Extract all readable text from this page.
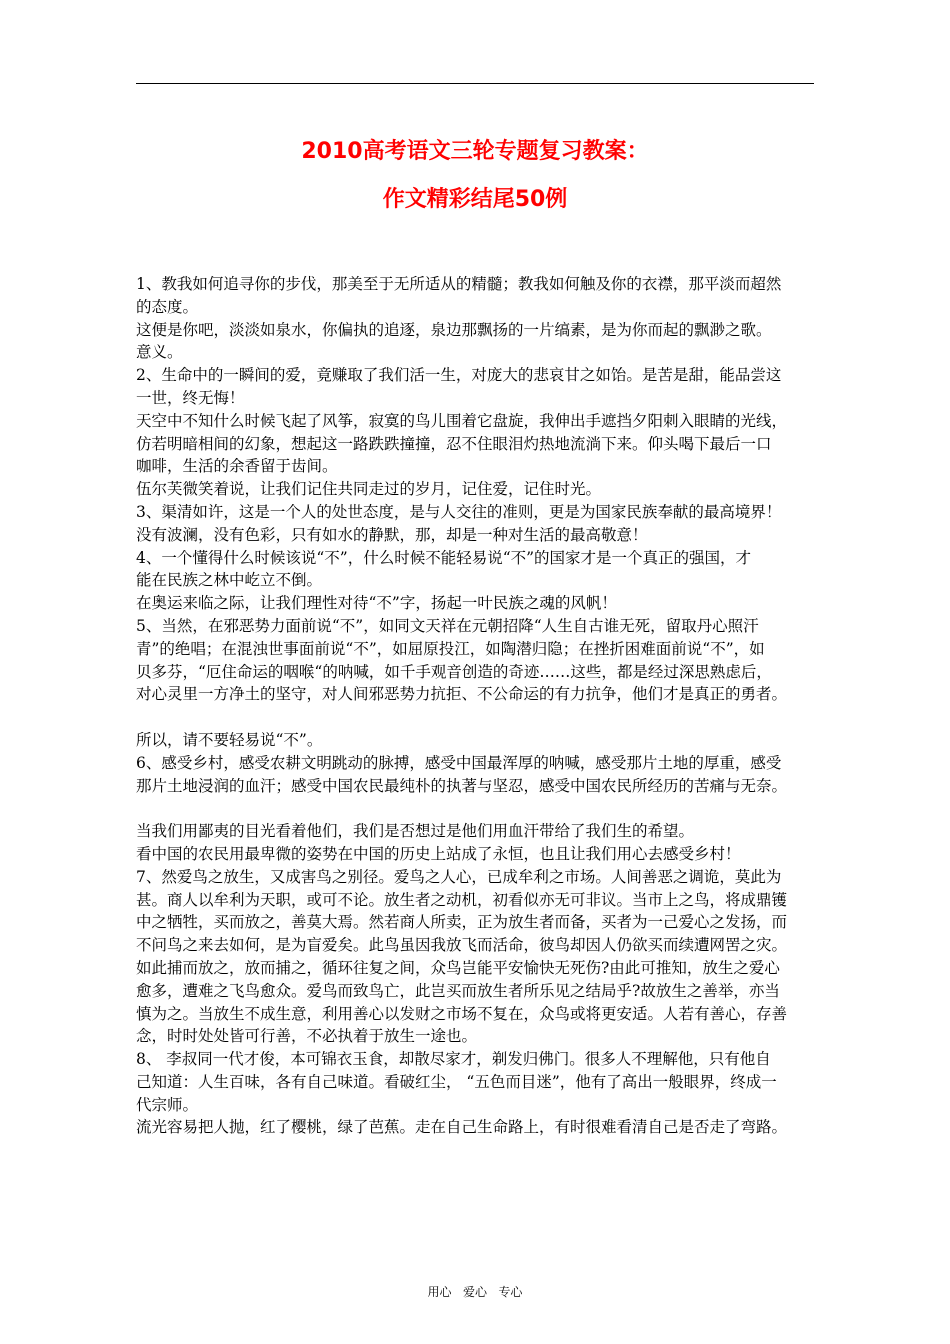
2010高考语文三轮专题复习教案：
作文精彩结尾50例
1、教我如何追寻你的步伐，那美至于无所适从的精髓；教我如何触及你的衣襟，那平淡而超然
的态度。
这便是你吧，淡淡如泉水，你偏执的追逐，泉边那飘扬的一片缟素，是为你而起的飘渺之歌。
意义。
2、生命中的一瞬间的爱，竟赚取了我们活一生，对庞大的悲哀甘之如饴。是苦是甜，能品尝这
一世，终无悔！
天空中不知什么时候飞起了风筝，寂寞的鸟儿围着它盘旋，我伸出手遮挡夕阳刺入眼睛的光线，
仿若明暗相间的幻象，想起这一路跌跌撞撞，忍不住眼泪灼热地流淌下来。仰头喝下最后一口
咖啡，生活的余香留于齿间。
伍尔芙微笑着说，让我们记住共同走过的岁月，记住爱，记住时光。
3、渠清如许，这是一个人的处世态度，是与人交往的准则，更是为国家民族奉献的最高境界！
没有波澜，没有色彩，只有如水的静默，那，却是一种对生活的最高敬意！
4、一个懂得什么时候该说“不”，什么时候不能轻易说“不”的国家才是一个真正的强国，才
能在民族之林中屹立不倒。
在奥运来临之际，让我们理性对待“不”字，扬起一叶民族之魂的风帆！
5、当然，在邪恶势力面前说“不”，如同文天祥在元朝招降“人生自古谁无死，留取丹心照汗
青”的绝唱；在混浊世事面前说“不”，如屈原投江，如陶潜归隐；在挫折困难面前说“不”，如
贝多芬，“厄住命运的咽喉“的呐喊，如千手观音创造的奇迹……这些，都是经过深思熟虑后，
对心灵里一方净土的坚守，对人间邪恶势力抗拒、不公命运的有力抗争，他们才是真正的勇者。
所以，请不要轻易说“不”。
6、感受乡村，感受农耕文明跳动的脉搏，感受中国最浑厚的呐喊，感受那片土地的厚重，感受
那片土地浸润的血汗；感受中国农民最纯朴的执著与坚忍，感受中国农民所经历的苦痛与无奈。
当我们用鄙夷的目光看着他们，我们是否想过是他们用血汗带给了我们生的希望。
看中国的农民用最卑微的姿势在中国的历史上站成了永恒，也且让我们用心去感受乡村！
7、然爱鸟之放生，又成害鸟之别径。爱鸟之人心，已成牟利之市场。人间善恶之调诡，莫此为
甚。商人以牟利为天职，或可不论。放生者之动机，初看似亦无可非议。当市上之鸟，将成鼎镬
中之牺牲，买而放之，善莫大焉。然若商人所卖，正为放生者而备，买者为一己爱心之发扬，而
不问鸟之来去如何，是为盲爱矣。此鸟虽因我放飞而活命，彼鸟却因人仍欲买而续遭网罟之灾。
如此捕而放之，放而捕之，循环往复之间，众鸟岂能平安愉快无死伤?由此可推知，放生之爱心
愈多，遭难之飞鸟愈众。爱鸟而致鸟亡，此岂买而放生者所乐见之结局乎?故放生之善举，亦当
慎为之。当放生不成生意，利用善心以发财之市场不复在，众鸟或将更安适。人若有善心，存善
念，时时处处皆可行善，不必执着于放生一途也。
8、 李叔同一代才俊，本可锦衣玉食，却散尽家才，剃发归佛门。很多人不理解他，只有他自
己知道：人生百味，各有自己味道。看破红尘， “五色而目迷”，他有了高出一般眼界，终成一
代宗师。
流光容易把人抛，红了樱桃，绿了芭蕉。走在自己生命路上，有时很难看清自己是否走了弯路。
用心   爱心   专心
